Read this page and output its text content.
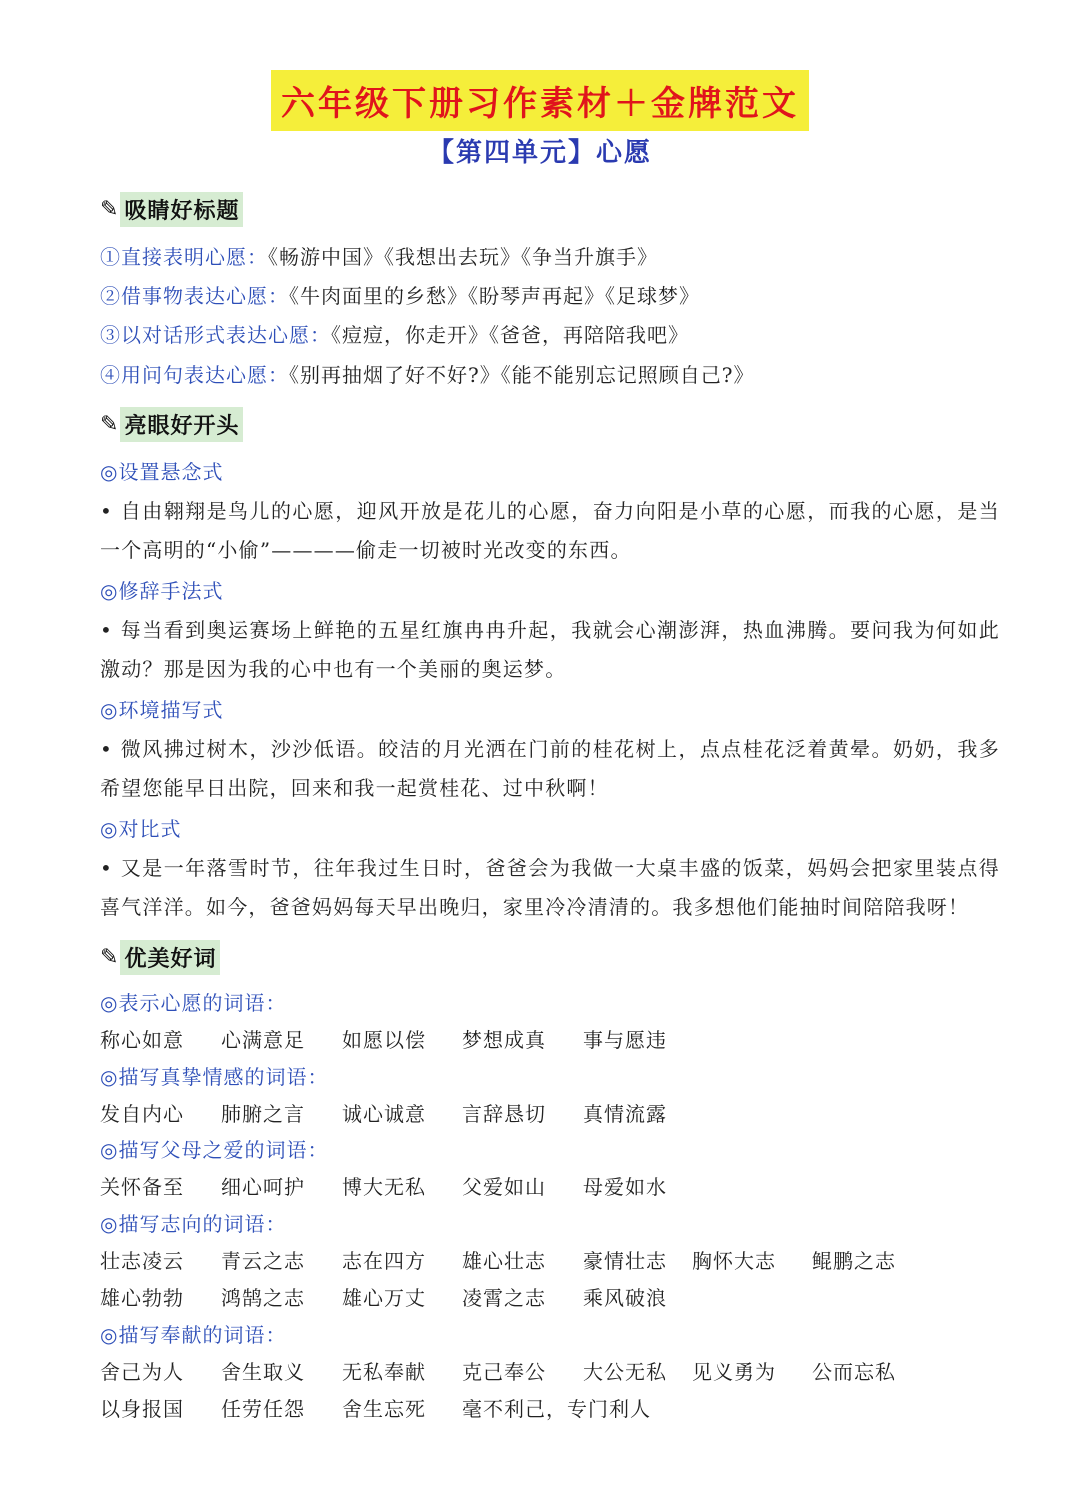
六年级下册习作素材＋金牌范文
【第四单元】心愿
✎ 吸睛好标题
①直接表明心愿：《畅游中国》《我想出去玩》《争当升旗手》
②借事物表达心愿：《牛肉面里的乡愁》《盼琴声再起》《足球梦》
③以对话形式表达心愿：《痘痘，你走开》《爸爸，再陪陪我吧》
④用问句表达心愿：《别再抽烟了好不好?》《能不能别忘记照顾自己?》
✎ 亮眼好开头
◎设置悬念式
• 自由翱翔是鸟儿的心愿，迎风开放是花儿的心愿，奋力向阳是小草的心愿，而我的心愿，是当一个高明的“小偷”————偷走一切被时光改变的东西。
◎修辞手法式
• 每当看到奥运赛场上鲜艳的五星红旗冉冉升起，我就会心潮澎湃，热血沸腾。要问我为何如此激动？那是因为我的心中也有一个美丽的奥运梦。
◎环境描写式
• 微风拂过树木，沙沙低语。皎洁的月光洒在门前的桂花树上，点点桂花泛着黄晕。奶奶，我多希望您能早日出院，回来和我一起赏桂花、过中秋啊！
◎对比式
• 又是一年落雪时节，往年我过生日时，爸爸会为我做一大桌丰盛的饭菜，妈妈会把家里装点得喜气洋洋。如今，爸爸妈妈每天早出晚归，家里冷冷清清的。我多想他们能抽时间陪陪我呀！
✎ 优美好词
◎表示心愿的词语：
称心如意 心满意足 如愿以偿 梦想成真 事与愿违
◎描写真挚情感的词语：
发自内心 肺腑之言 诚心诚意 言辞恳切 真情流露
◎描写父母之爱的词语：
关怀备至 细心呵护 博大无私 父爱如山 母爱如水
◎描写志向的词语：
壮志凌云 青云之志 志在四方 雄心壮志 豪情壮志 胸怀大志 鲲鹏之志
雄心勃勃 鸿鹄之志 雄心万丈 凌霄之志 乘风破浪
◎描写奉献的词语：
舍己为人 舍生取义 无私奉献 克己奉公 大公无私 见义勇为 公而忘私
以身报国 任劳任怨 舍生忘死 毫不利己，专门利人
